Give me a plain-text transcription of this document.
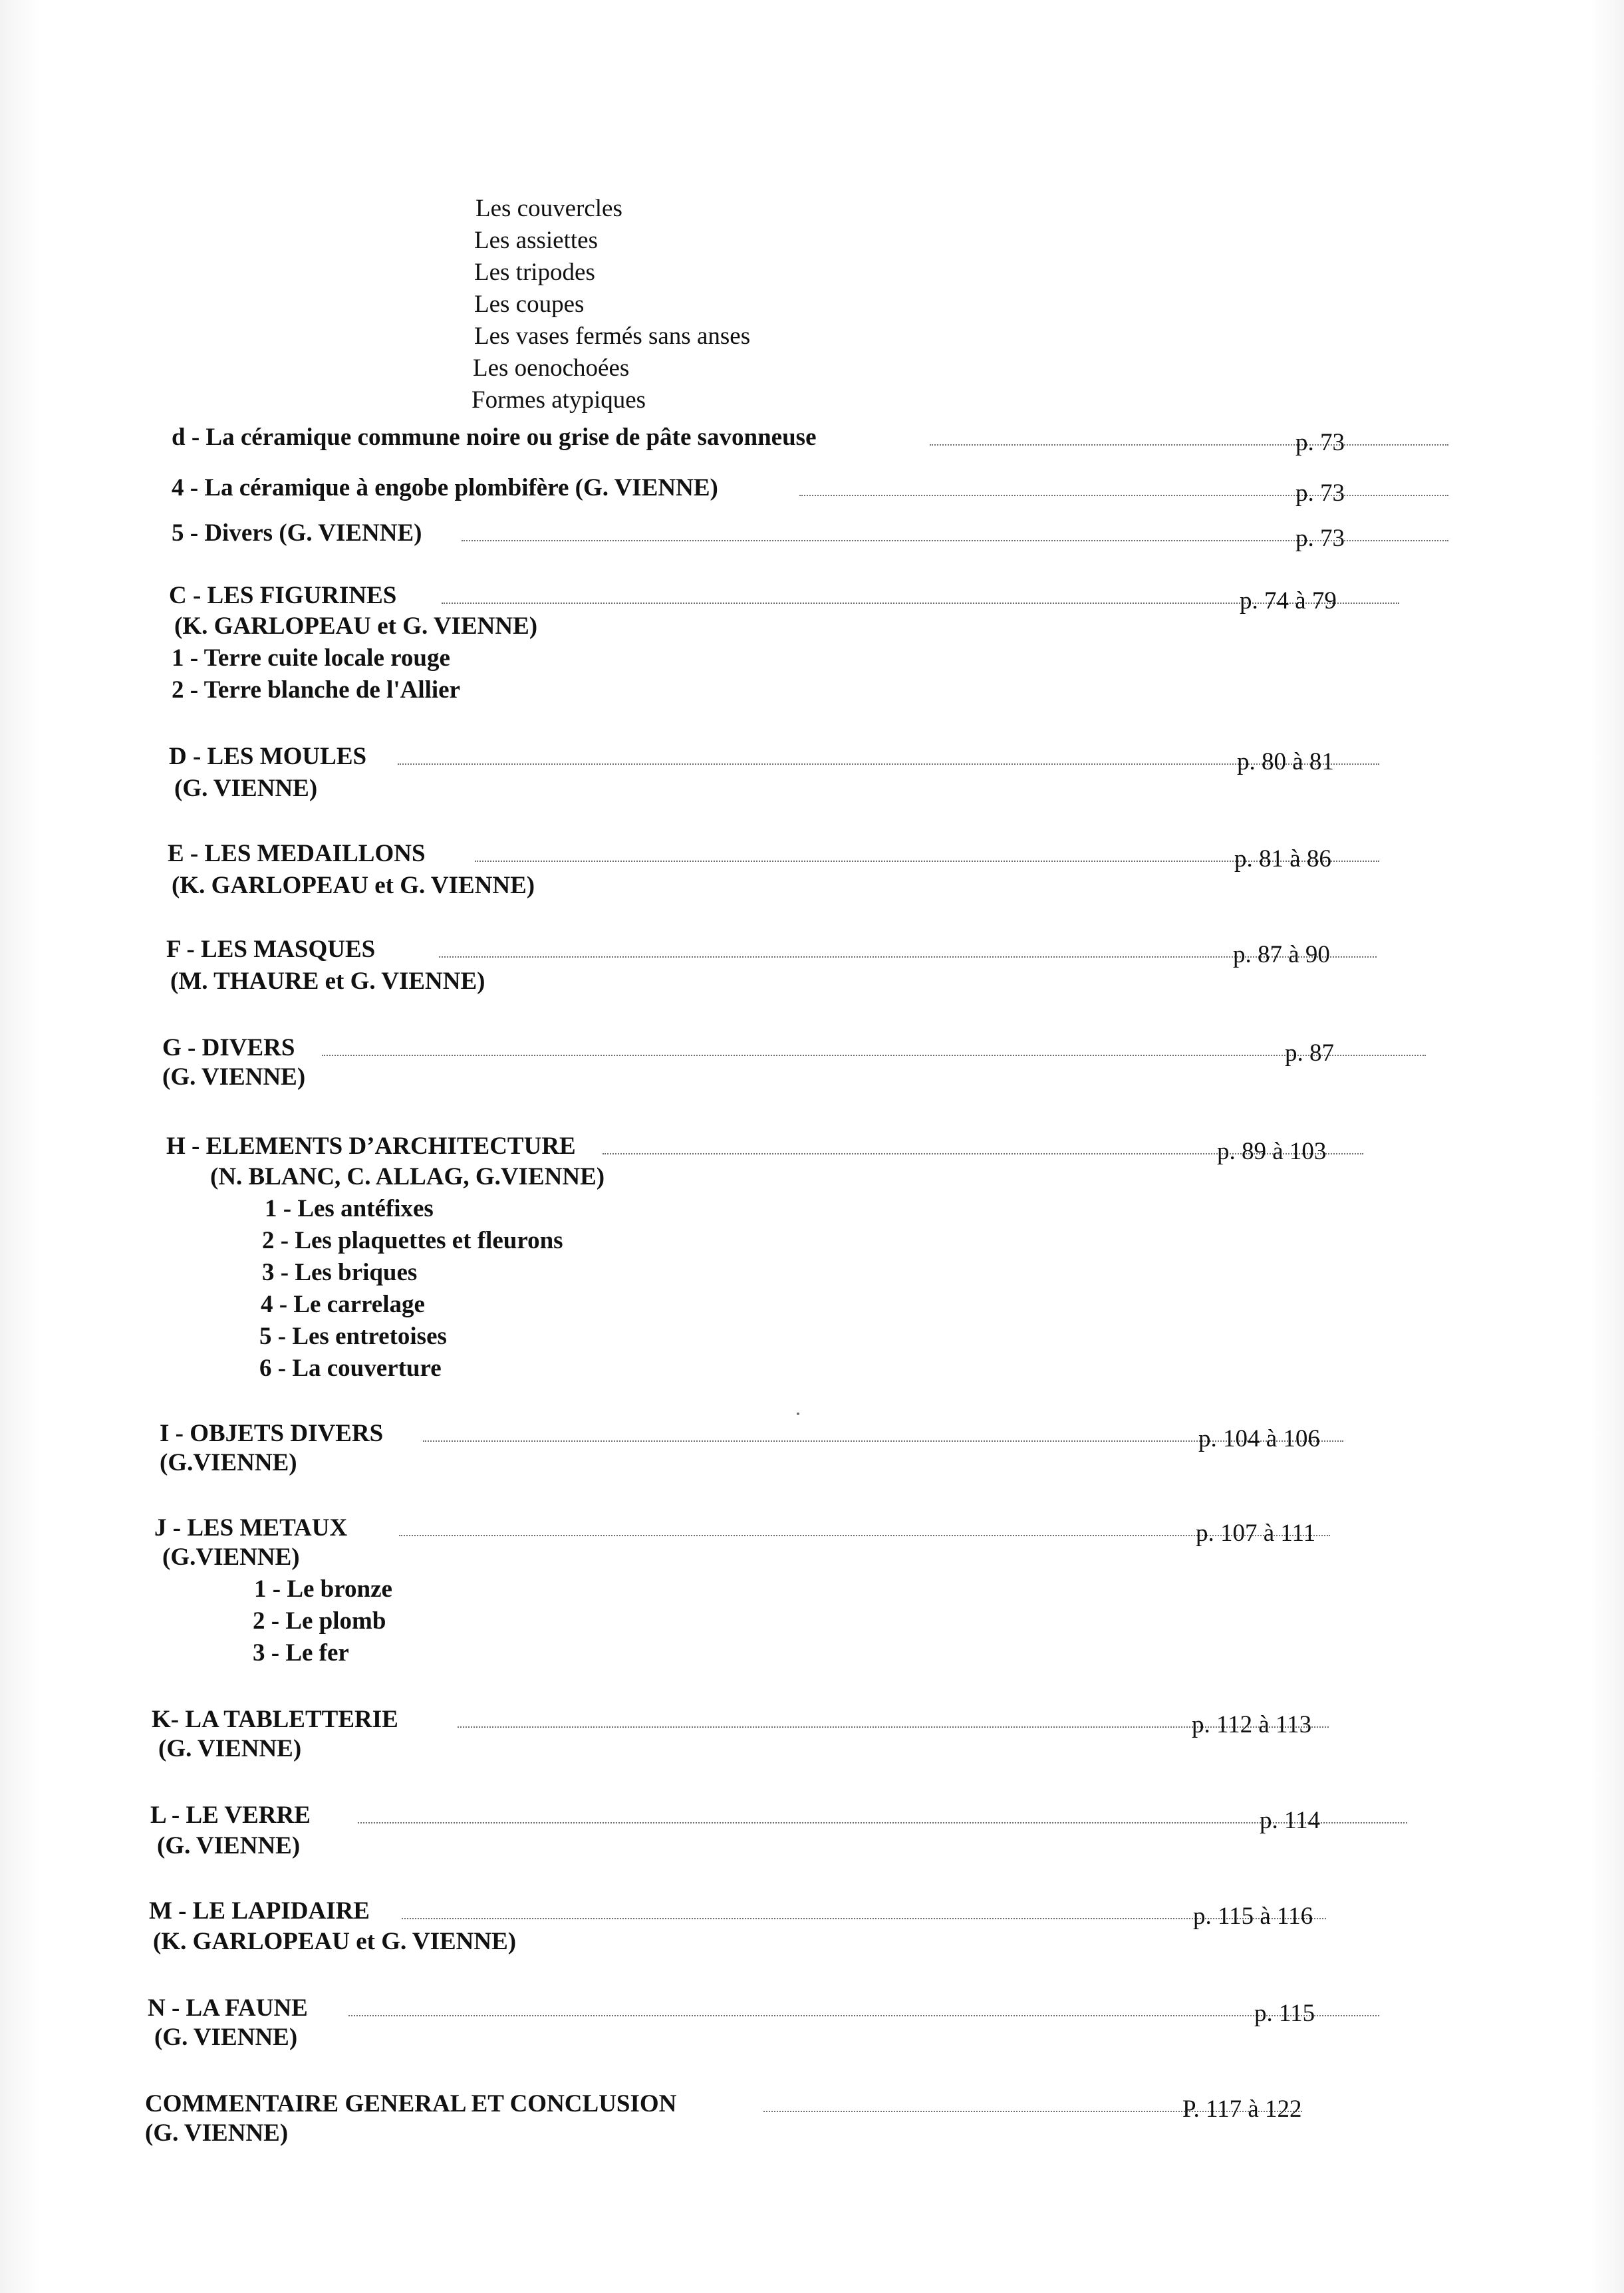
Les couvercles
Les assiettes
Les tripodes
Les coupes
Les vases fermés sans anses
Les oenochoées
Formes atypiques
d - La céramique commune noire ou grise de pâte savonneuse	p. 73
4 - La céramique à engobe plombifère (G. VIENNE)	p. 73
5 - Divers (G. VIENNE)	p. 73
C - LES FIGURINES	p. 74 à 79
(K. GARLOPEAU et G. VIENNE)
1 - Terre cuite locale rouge
2 - Terre blanche de l'Allier
D - LES MOULES	p. 80 à 81
(G. VIENNE)
E - LES MEDAILLONS	p. 81 à 86
(K. GARLOPEAU et G. VIENNE)
F - LES MASQUES	p. 87 à 90
(M. THAURE et G. VIENNE)
G - DIVERS	p. 87
(G. VIENNE)
H - ELEMENTS D’ARCHITECTURE	p. 89 à 103
(N. BLANC, C. ALLAG, G.VIENNE)
1 - Les antéfixes
2 - Les plaquettes et fleurons
3 - Les briques
4 - Le carrelage
5 - Les entretoises
6 - La couverture
I - OBJETS DIVERS	p. 104 à 106
(G.VIENNE)
J - LES METAUX	p. 107 à 111
(G.VIENNE)
1 - Le bronze
2 - Le plomb
3 - Le fer
K- LA TABLETTERIE	p. 112 à 113
(G. VIENNE)
L - LE VERRE	p. 114
(G. VIENNE)
M - LE LAPIDAIRE	p. 115 à 116
(K. GARLOPEAU et G. VIENNE)
N - LA FAUNE	p. 115
(G. VIENNE)
COMMENTAIRE GENERAL ET CONCLUSION	P. 117 à 122
(G. VIENNE)
